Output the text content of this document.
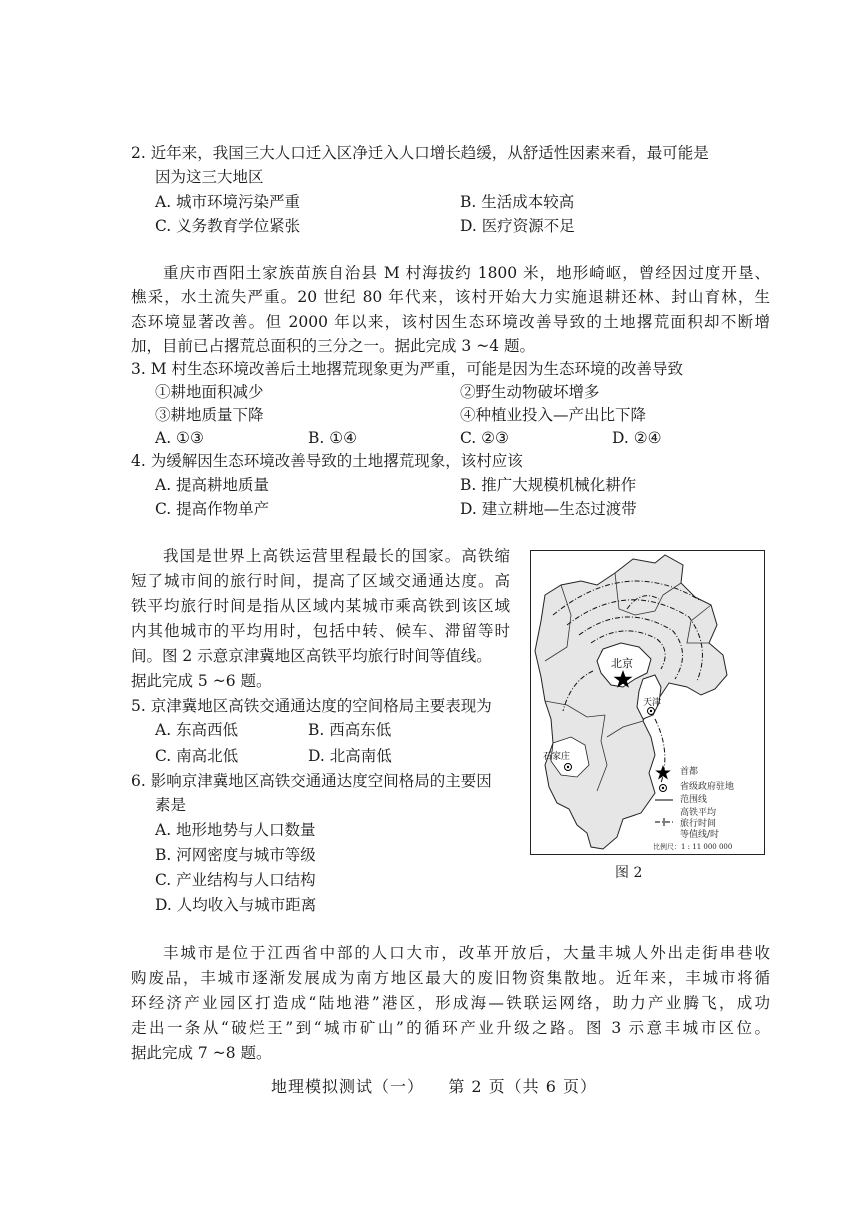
2. 近年来，我国三大人口迁入区净迁入人口增长趋缓，从舒适性因素来看，最可能是
因为这三大地区
A. 城市环境污染严重	B. 生活成本较高
C. 义务教育学位紧张	D. 医疗资源不足
重庆市酉阳土家族苗族自治县 M 村海拔约 1800 米，地形崎岖，曾经因过度开垦、
樵采，水土流失严重。20 世纪 80 年代来，该村开始大力实施退耕还林、封山育林，生
态环境显著改善。但 2000 年以来，该村因生态环境改善导致的土地撂荒面积却不断增
加，目前已占撂荒总面积的三分之一。据此完成 3 ~4 题。
3. M 村生态环境改善后土地撂荒现象更为严重，可能是因为生态环境的改善导致
①耕地面积减少	②野生动物破坏增多
③耕地质量下降	④种植业投入—产出比下降
A. ①③	B. ①④	C. ②③	D. ②④
4. 为缓解因生态环境改善导致的土地撂荒现象，该村应该
A. 提高耕地质量	B. 推广大规模机械化耕作
C. 提高作物单产	D. 建立耕地—生态过渡带
我国是世界上高铁运营里程最长的国家。高铁缩
短了城市间的旅行时间，提高了区域交通通达度。高
铁平均旅行时间是指从区域内某城市乘高铁到该区域
内其他城市的平均用时，包括中转、候车、滞留等时
间。图 2 示意京津冀地区高铁平均旅行时间等值线。
据此完成 5 ~6 题。
5. 京津冀地区高铁交通通达度的空间格局主要表现为
A. 东高西低	B. 西高东低
C. 南高北低	D. 北高南低
6. 影响京津冀地区高铁交通通达度空间格局的主要因
素是
A. 地形地势与人口数量
B. 河网密度与城市等级
C. 产业结构与人口结构
D. 人均收入与城市距离
北京
天津
石家庄
首都
省级政府驻地
范围线
高铁平均
旅行时间
等值线/时
比例尺：1 : 11 000 000
图 2
丰城市是位于江西省中部的人口大市，改革开放后，大量丰城人外出走街串巷收
购废品，丰城市逐渐发展成为南方地区最大的废旧物资集散地。近年来，丰城市将循
环经济产业园区打造成“陆地港”港区，形成海—铁联运网络，助力产业腾飞，成功
走出一条从“破烂王”到“城市矿山”的循环产业升级之路。图 3 示意丰城市区位。
据此完成 7 ~8 题。
地理模拟测试（一）    第 2 页（共 6 页）
